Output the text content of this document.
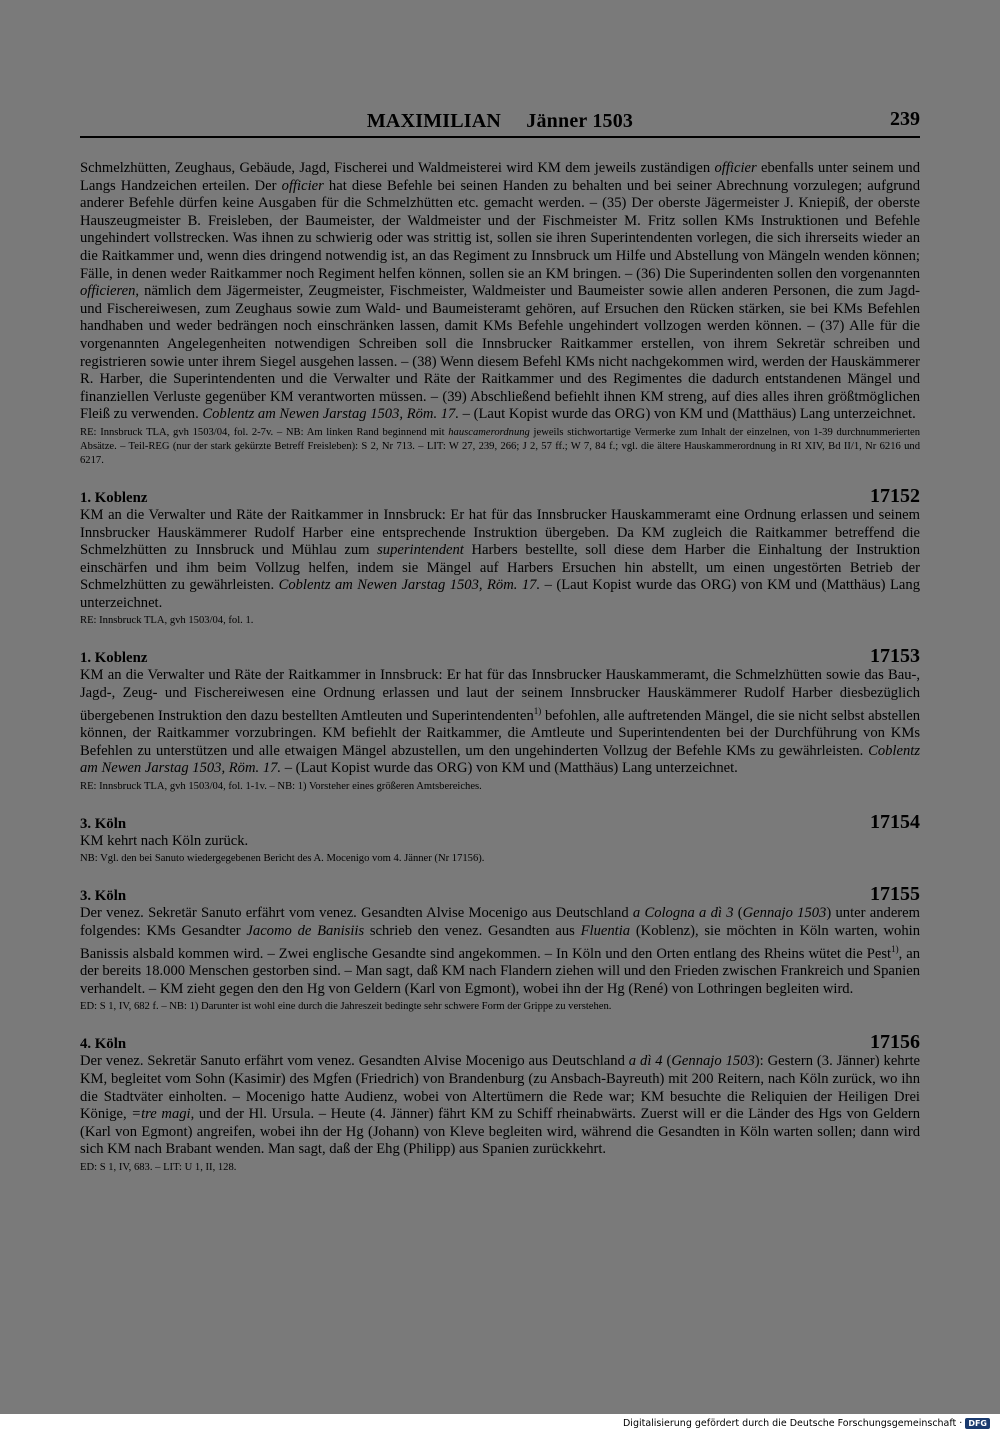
MAXIMILIAN Jänner 1503	239

Schmelzhütten, Zeughaus, Gebäude, Jagd, Fischerei und Waldmeisterei wird KM dem jeweils zuständigen officier ebenfalls unter seinem und Langs Handzeichen erteilen. Der officier hat diese Befehle bei seinen Handen zu behalten und bei seiner Abrechnung vorzulegen; aufgrund anderer Befehle dürfen keine Ausgaben für die Schmelzhütten etc. gemacht werden. – (35) Der oberste Jägermeister J. Kniepiß, der oberste Hauszeugmeister B. Freisleben, der Baumeister, der Waldmeister und der Fischmeister M. Fritz sollen KMs Instruktionen und Befehle ungehindert vollstrecken. Was ihnen zu schwierig oder was strittig ist, sollen sie ihren Superintendenten vorlegen, die sich ihrerseits wieder an die Raitkammer und, wenn dies dringend notwendig ist, an das Regiment zu Innsbruck um Hilfe und Abstellung von Mängeln wenden können; Fälle, in denen weder Raitkammer noch Regiment helfen können, sollen sie an KM bringen. – (36) Die Superindenten sollen den vorgenannten officieren, nämlich dem Jägermeister, Zeugmeister, Fischmeister, Waldmeister und Baumeister sowie allen anderen Personen, die zum Jagd- und Fischereiwesen, zum Zeughaus sowie zum Wald- und Baumeisteramt gehören, auf Ersuchen den Rücken stärken, sie bei KMs Befehlen handhaben und weder bedrängen noch einschränken lassen, damit KMs Befehle ungehindert vollzogen werden können. – (37) Alle für die vorgenannten Angelegenheiten notwendigen Schreiben soll die Innsbrucker Raitkammer erstellen, von ihrem Sekretär schreiben und registrieren sowie unter ihrem Siegel ausgehen lassen. – (38) Wenn diesem Befehl KMs nicht nachgekommen wird, werden der Hauskämmerer R. Harber, die Superintendenten und die Verwalter und Räte der Raitkammer und des Regimentes die dadurch entstandenen Mängel und finanziellen Verluste gegenüber KM verantworten müssen. – (39) Abschließend befiehlt ihnen KM streng, auf dies alles ihren größtmöglichen Fleiß zu verwenden. Coblentz am Newen Jarstag 1503, Röm. 17. – (Laut Kopist wurde das ORG) von KM und (Matthäus) Lang unterzeichnet.

RE: Innsbruck TLA, gvh 1503/04, fol. 2-7v. – NB: Am linken Rand beginnend mit hauscamerordnung jeweils stichwortartige Vermerke zum Inhalt der einzelnen, von 1-39 durchnummerierten Absätze. – Teil-REG (nur der stark gekürzte Betreff Freisleben): S 2, Nr 713. – LIT: W 27, 239, 266; J 2, 57 ff.; W 7, 84 f.; vgl. die ältere Hauskammerordnung in RI XIV, Bd II/1, Nr 6216 und 6217.

1. Koblenz	17152

KM an die Verwalter und Räte der Raitkammer in Innsbruck: Er hat für das Innsbrucker Hauskammeramt eine Ordnung erlassen und seinem Innsbrucker Hauskämmerer Rudolf Harber eine entsprechende Instruktion übergeben. Da KM zugleich die Raitkammer betreffend die Schmelzhütten zu Innsbruck und Mühlau zum superintendent Harbers bestellte, soll diese dem Harber die Einhaltung der Instruktion einschärfen und ihm beim Vollzug helfen, indem sie Mängel auf Harbers Ersuchen hin abstellt, um einen ungestörten Betrieb der Schmelzhütten zu gewährleisten. Coblentz am Newen Jarstag 1503, Röm. 17. – (Laut Kopist wurde das ORG) von KM und (Matthäus) Lang unterzeichnet.

RE: Innsbruck TLA, gvh 1503/04, fol. 1.

1. Koblenz	17153

KM an die Verwalter und Räte der Raitkammer in Innsbruck: Er hat für das Innsbrucker Hauskammeramt, die Schmelzhütten sowie das Bau-, Jagd-, Zeug- und Fischereiwesen eine Ordnung erlassen und laut der seinem Innsbrucker Hauskämmerer Rudolf Harber diesbezüglich übergebenen Instruktion den dazu bestellten Amtleuten und Superintendenten$^{1)}$ befohlen, alle auftretenden Mängel, die sie nicht selbst abstellen können, der Raitkammer vorzubringen. KM befiehlt der Raitkammer, die Amtleute und Superintendenten bei der Durchführung von KMs Befehlen zu unterstützen und alle etwaigen Mängel abzustellen, um den ungehinderten Vollzug der Befehle KMs zu gewährleisten. Coblentz am Newen Jarstag 1503, Röm. 17. – (Laut Kopist wurde das ORG) von KM und (Matthäus) Lang unterzeichnet.

RE: Innsbruck TLA, gvh 1503/04, fol. 1-1v. – NB: 1) Vorsteher eines größeren Amtsbereiches.

3. Köln	17154

KM kehrt nach Köln zurück.

NB: Vgl. den bei Sanuto wiedergegebenen Bericht des A. Mocenigo vom 4. Jänner (Nr 17156).

3. Köln	17155

Der venez. Sekretär Sanuto erfährt vom venez. Gesandten Alvise Mocenigo aus Deutschland a Cologna a dì 3 (Gennajo 1503) unter anderem folgendes: KMs Gesandter Jacomo de Banisiis schrieb den venez. Gesandten aus Fluentia (Koblenz), sie möchten in Köln warten, wohin Banissis alsbald kommen wird. – Zwei englische Gesandte sind angekommen. – In Köln und den Orten entlang des Rheins wütet die Pest$^{1)}$, an der bereits 18.000 Menschen gestorben sind. – Man sagt, daß KM nach Flandern ziehen will und den Frieden zwischen Frankreich und Spanien verhandelt. – KM zieht gegen den den Hg von Geldern (Karl von Egmont), wobei ihn der Hg (René) von Lothringen begleiten wird.

ED: S 1, IV, 682 f. – NB: 1) Darunter ist wohl eine durch die Jahreszeit bedingte sehr schwere Form der Grippe zu verstehen.

4. Köln	17156

Der venez. Sekretär Sanuto erfährt vom venez. Gesandten Alvise Mocenigo aus Deutschland a dì 4 (Gennajo 1503): Gestern (3. Jänner) kehrte KM, begleitet vom Sohn (Kasimir) des Mgfen (Friedrich) von Brandenburg (zu Ansbach-Bayreuth) mit 200 Reitern, nach Köln zurück, wo ihn die Stadtväter einholten. – Mocenigo hatte Audienz, wobei von Altertümern die Rede war; KM besuchte die Reliquien der Heiligen Drei Könige, =tre magi, und der Hl. Ursula. – Heute (4. Jänner) fährt KM zu Schiff rheinabwärts. Zuerst will er die Länder des Hgs von Geldern (Karl von Egmont) angreifen, wobei ihn der Hg (Johann) von Kleve begleiten wird, während die Gesandten in Köln warten sollen; dann wird sich KM nach Brabant wenden. Man sagt, daß der Ehg (Philipp) aus Spanien zurückkehrt.

ED: S 1, IV, 683. – LIT: U 1, II, 128.

Digitalisierung gefördert durch die Deutsche Forschungsgemeinschaft · DFG
